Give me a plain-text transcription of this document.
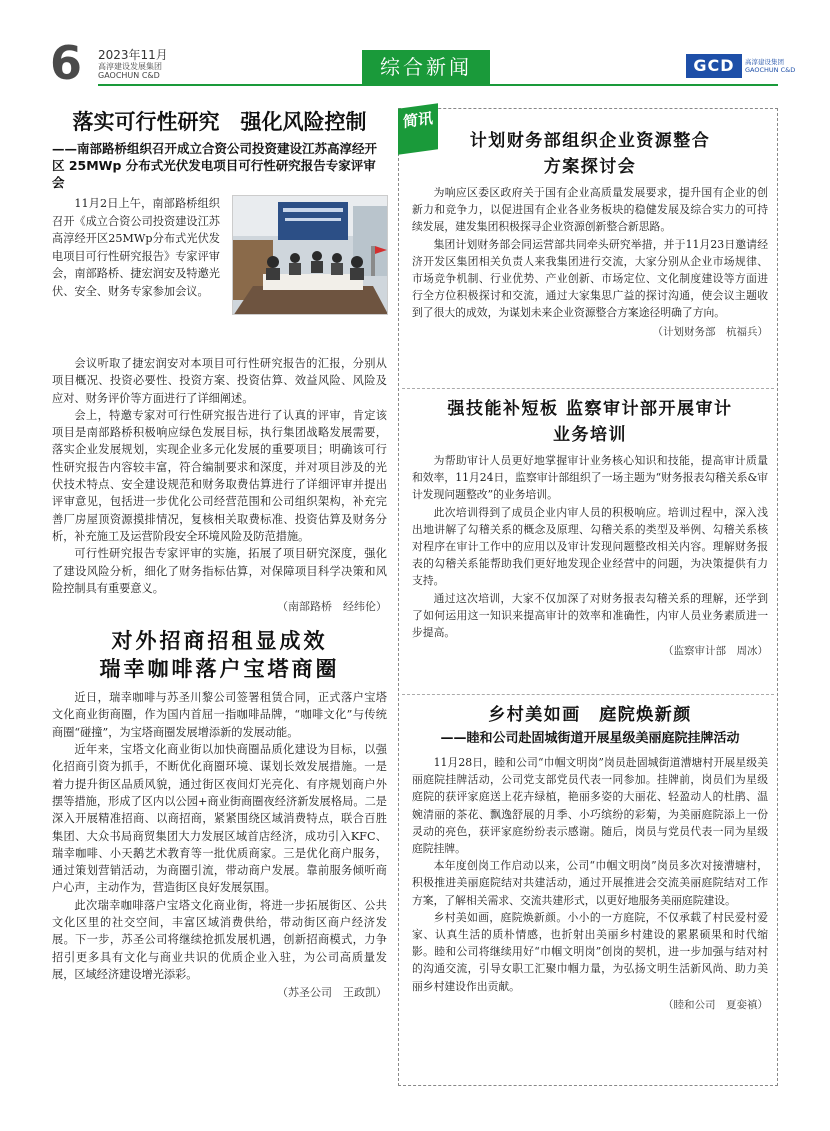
6 2023年11月
高淳建设发展集团
GAOCHUN C&D	综合新闻	GCD	高淳建设集团
GAOCHUN C&D
落实可行性研究　强化风险控制
——南部路桥组织召开成立合资公司投资建设江苏高淳经开区 25MWp 分布式光伏发电项目可行性研究报告专家评审会
11月2日上午，南部路桥组织召开《成立合资公司投资建设江苏高淳经开区25MWp分布式光伏发电项目可行性研究报告》专家评审会，南部路桥、捷宏润安及特邀光伏、安全、财务专家参加会议。
会议听取了捷宏润安对本项目可行性研究报告的汇报，分别从项目概况、投资必要性、投资方案、投资估算、效益风险、风险及应对、财务评价等方面进行了详细阐述。
会上，特邀专家对可行性研究报告进行了认真的评审，肯定该项目是南部路桥积极响应绿色发展目标，执行集团战略发展需要，落实企业发展规划，实现企业多元化发展的重要项目；明确该可行性研究报告内容较丰富，符合编制要求和深度，并对项目涉及的光伏技术特点、安全建设规范和财务取费估算进行了详细评审并提出评审意见，包括进一步优化公司经营范围和公司组织架构，补充完善厂房屋顶资源摸排情况，复核相关取费标准、投资估算及财务分析，补充施工及运营阶段安全环境风险及防范措施。
可行性研究报告专家评审的实施，拓展了项目研究深度，强化了建设风险分析，细化了财务指标估算，对保障项目科学决策和风险控制具有重要意义。
（南部路桥　经纬伦）
对外招商招租显成效
瑞幸咖啡落户宝塔商圈
近日，瑞幸咖啡与苏圣川黎公司签署租赁合同，正式落户宝塔文化商业街商圈，作为国内首屈一指咖啡品牌，“咖啡文化”与传统商圈“碰撞”，为宝塔商圈发展增添新的发展动能。
近年来，宝塔文化商业街以加快商圈品质化建设为目标，以强化招商引资为抓手，不断优化商圈环境、谋划长效发展措施。一是着力提升街区品质风貌，通过街区夜间灯光亮化、有序规划商户外摆等措施，形成了区内以公园+商业街商圈夜经济新发展格局。二是深入开展精准招商、以商招商，紧紧围绕区域消费特点，联合百胜集团、大众书局商贸集团大力发展区域首店经济，成功引入KFC、瑞幸咖啡、小天鹅艺术教育等一批优质商家。三是优化商户服务，通过策划营销活动，为商圈引流，带动商户发展。靠前服务倾听商户心声，主动作为，营造街区良好发展氛围。
此次瑞幸咖啡落户宝塔文化商业街，将进一步拓展街区、公共文化区里的社交空间，丰富区域消费供给，带动街区商户经济发展。下一步，苏圣公司将继续抢抓发展机遇，创新招商模式，力争招引更多具有文化与商业共识的优质企业入驻，为公司高质量发展，区域经济建设增光添彩。
（苏圣公司　王政凯）
简讯
计划财务部组织企业资源整合
方案探讨会
为响应区委区政府关于国有企业高质量发展要求，提升国有企业的创新力和竞争力，以促进国有企业各业务板块的稳健发展及综合实力的可持续发展，建发集团积极探寻企业资源创新整合新思路。
集团计划财务部会同运营部共同牵头研究举措，并于11月23日邀请经济开发区集团相关负责人来我集团进行交流，大家分别从企业市场规律、市场竞争机制、行业优势、产业创新、市场定位、文化制度建设等方面进行全方位积极探讨和交流，通过大家集思广益的探讨沟通，使会议主题收到了很大的成效，为谋划未来企业资源整合方案途径明确了方向。
（计划财务部　杭福兵）
强技能补短板 监察审计部开展审计
业务培训
为帮助审计人员更好地掌握审计业务核心知识和技能，提高审计质量和效率，11月24日，监察审计部组织了一场主题为“财务报表勾稽关系&审计发现问题整改”的业务培训。
此次培训得到了成员企业内审人员的积极响应。培训过程中，深入浅出地讲解了勾稽关系的概念及原理、勾稽关系的类型及举例、勾稽关系核对程序在审计工作中的应用以及审计发现问题整改相关内容。理解财务报表的勾稽关系能帮助我们更好地发现企业经营中的问题，为决策提供有力支持。
通过这次培训，大家不仅加深了对财务报表勾稽关系的理解，还学到了如何运用这一知识来提高审计的效率和准确性，内审人员业务素质进一步提高。
（监察审计部　周冰）
乡村美如画　庭院焕新颜
——睦和公司赴固城街道开展星级美丽庭院挂牌活动
11月28日，睦和公司“巾帼文明岗”岗员赴固城街道漕塘村开展星级美丽庭院挂牌活动，公司党支部党员代表一同参加。挂牌前，岗员们为星级庭院的获评家庭送上花卉绿植，艳丽多姿的大丽花、轻盈动人的杜鹃、温婉清丽的茶花、飘逸舒展的月季、小巧缤纷的彩菊，为美丽庭院添上一份灵动的亮色，获评家庭纷纷表示感谢。随后，岗员与党员代表一同为星级庭院挂牌。
本年度创岗工作启动以来，公司“巾帼文明岗”岗员多次对接漕塘村，积极推进美丽庭院结对共建活动，通过开展推进会交流美丽庭院结对工作方案，了解相关需求、交流共建形式，以更好地服务美丽庭院建设。
乡村美如画，庭院焕新颜。小小的一方庭院，不仅承载了村民爱村爱家、认真生活的质朴情感，也折射出美丽乡村建设的累累硕果和时代缩影。睦和公司将继续用好“巾帼文明岗”创岗的契机，进一步加强与结对村的沟通交流，引导女职工汇聚巾帼力量，为弘扬文明生活新风尚、助力美丽乡村建设作出贡献。
（睦和公司　夏娈禛）
